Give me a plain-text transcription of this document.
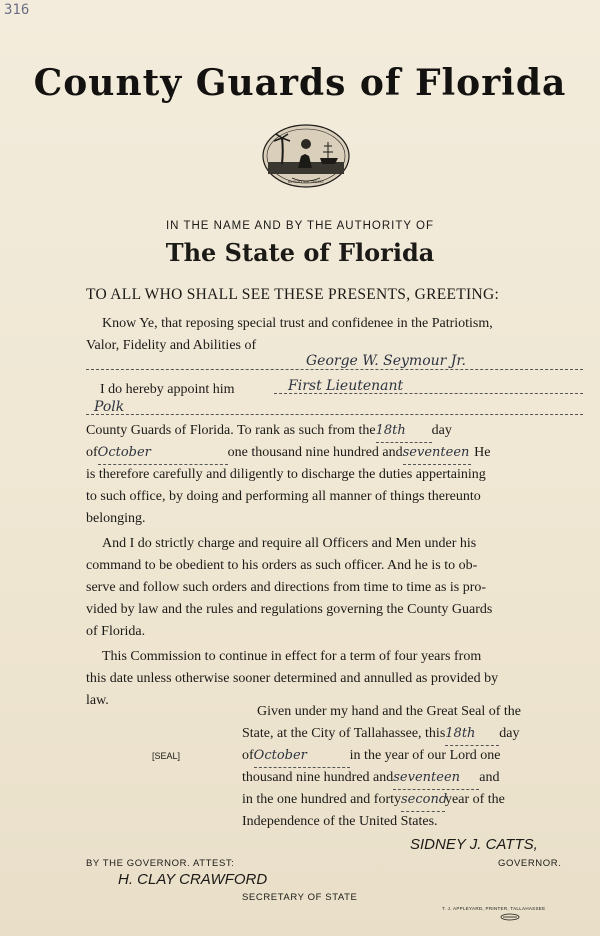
316
County Guards of Florida
IN GOD WE TRUST
IN THE NAME AND BY THE AUTHORITY OF
The State of Florida
TO ALL WHO SHALL SEE THESE PRESENTS, GREETING:
Know Ye, that reposing special trust and confidenee in the Patriotism,
Valor, Fidelity and Abilities of
George W. Seymour Jr.
I do hereby appoint him	First Lieutenant
Polk
County Guards of Florida. To rank as such from the18th day
ofOctober	one thousand nine hundred andseventeen He
is therefore carefully and diligently to discharge the duties appertaining
to such office, by doing and performing all manner of things thereunto
belonging.
And I do strictly charge and require all Officers and Men under his
command to be obedient to his orders as such officer. And he is to ob-
serve and follow such orders and directions from time to time as is pro-
vided by law and the rules and regulations governing the County Guards
of Florida.
This Commission to continue in effect for a term of four years from
this date unless otherwise sooner determined and annulled as provided by
law.
Given under my hand and the Great Seal of the
State, at the City of Tallahassee, this18th day
ofOctober	in the year of our Lord one
thousand nine hundred andseventeen and
in the one hundred and fortysecondyear of the
Independence of the United States.
[SEAL]
SIDNEY J. CATTS,
GOVERNOR.
BY THE GOVERNOR. ATTEST:
H. CLAY CRAWFORD
SECRETARY OF STATE
T. J. APPLEYARD, PRINTER, TALLAHASSEE
